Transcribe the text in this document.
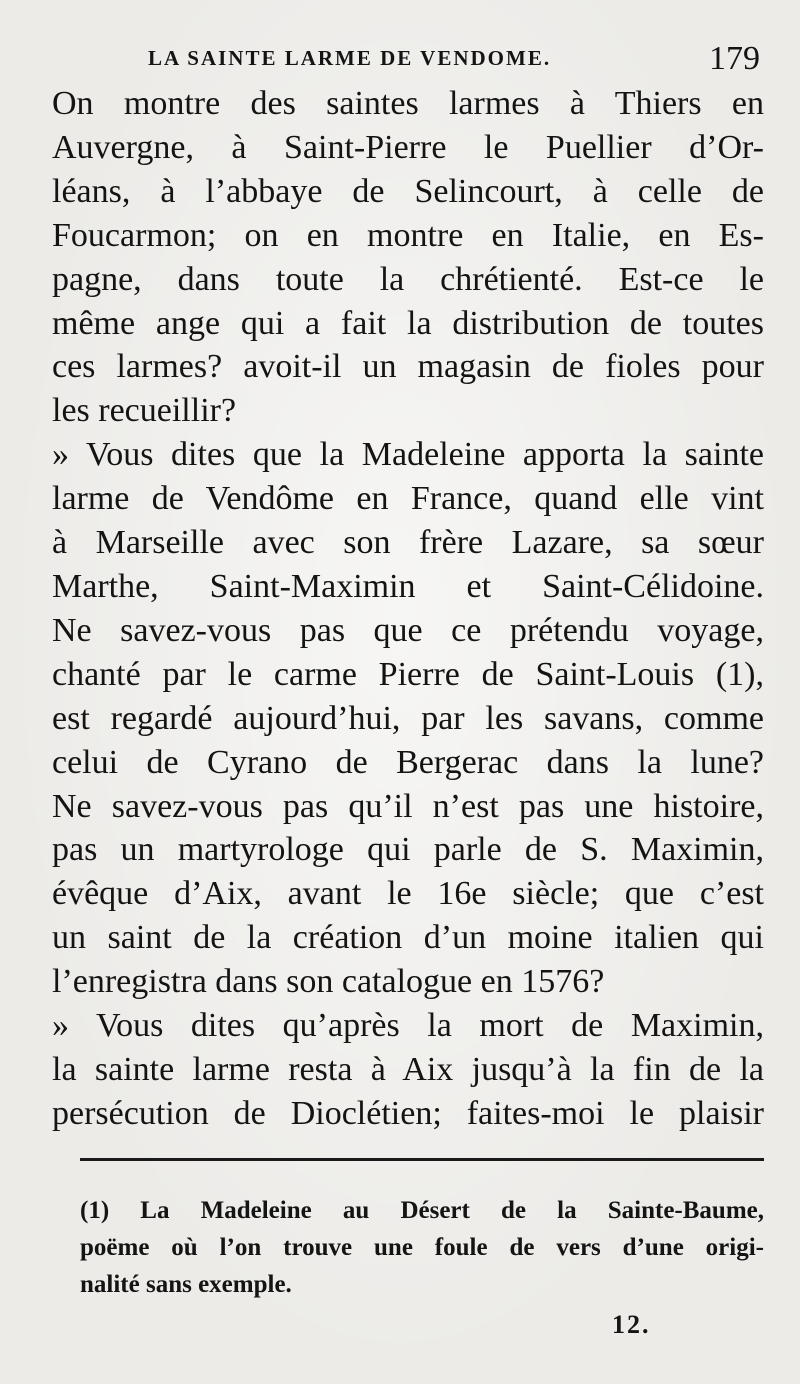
LA SAINTE LARME DE VENDOME.	179
On montre des saintes larmes à Thiers en
Auvergne, à Saint-Pierre le Puellier d’Or-
léans, à l’abbaye de Selincourt, à celle de
Foucarmon; on en montre en Italie, en Es-
pagne, dans toute la chrétienté. Est-ce le
même ange qui a fait la distribution de toutes
ces larmes? avoit-il un magasin de fioles pour
les recueillir?
» Vous dites que la Madeleine apporta la sainte
larme de Vendôme en France, quand elle vint
à Marseille avec son frère Lazare, sa sœur
Marthe, Saint-Maximin et Saint-Célidoine.
Ne savez-vous pas que ce prétendu voyage,
chanté par le carme Pierre de Saint-Louis (1),
est regardé aujourd’hui, par les savans, comme
celui de Cyrano de Bergerac dans la lune?
Ne savez-vous pas qu’il n’est pas une histoire,
pas un martyrologe qui parle de S. Maximin,
évêque d’Aix, avant le 16e siècle; que c’est
un saint de la création d’un moine italien qui
l’enregistra dans son catalogue en 1576?
» Vous dites qu’après la mort de Maximin,
la sainte larme resta à Aix jusqu’à la fin de la
persécution de Dioclétien; faites-moi le plaisir
(1) La Madeleine au Désert de la Sainte-Baume,
poëme où l’on trouve une foule de vers d’une origi-
nalité sans exemple.
12.
